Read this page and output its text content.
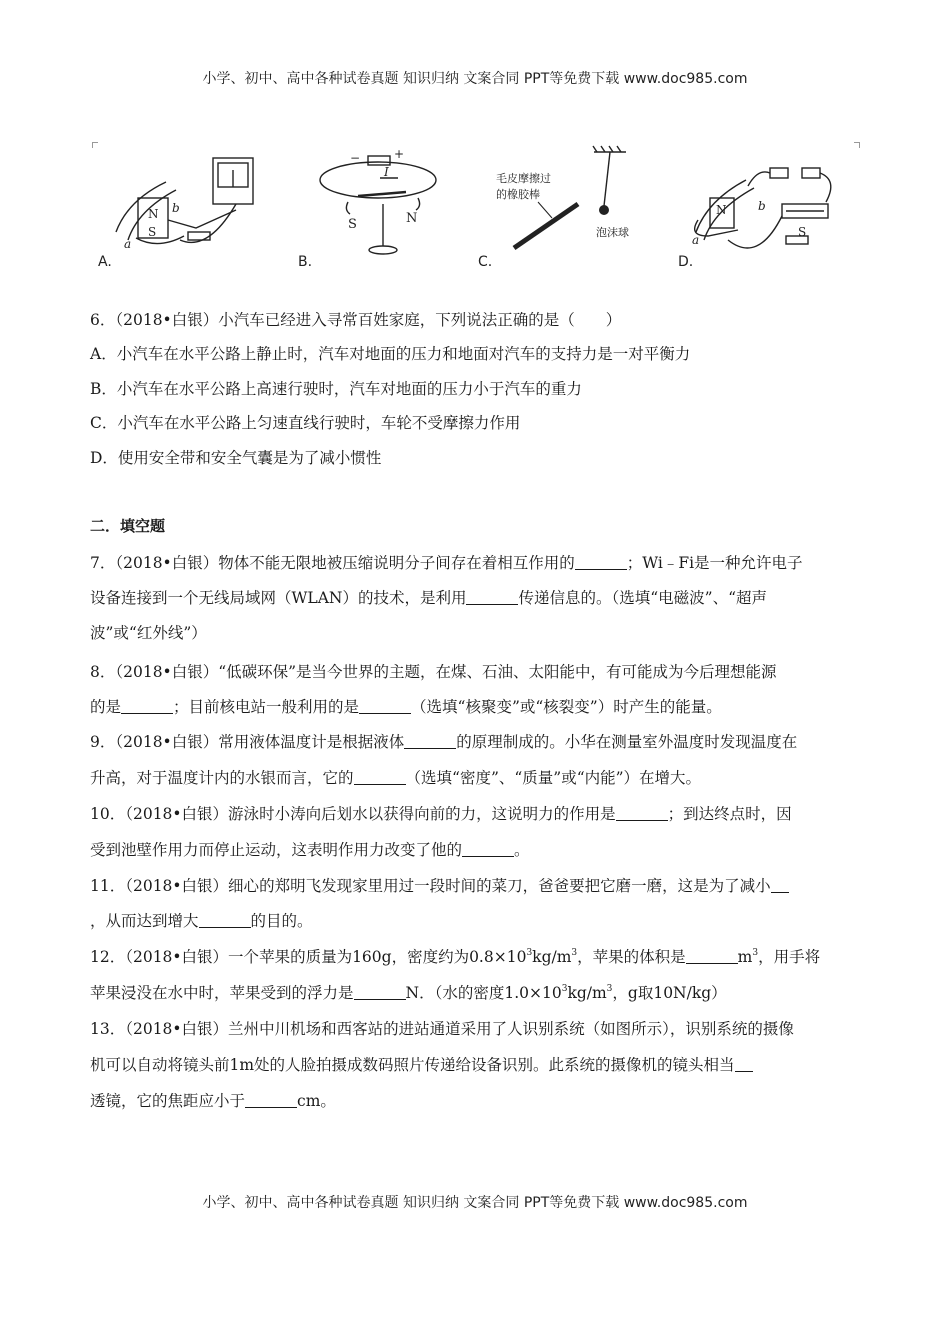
小学、初中、高中各种试卷真题 知识归纳 文案合同 PPT等免费下载 www.doc985.com
N
S
a
b
A.
−	+
I
S	N
B.
毛皮摩擦过
的橡胶棒
泡沫球
C.
N
S
a
b
D.
6．（2018•白银）小汽车已经进入寻常百姓家庭，下列说法正确的是（　　）
A．小汽车在水平公路上静止时，汽车对地面的压力和地面对汽车的支持力是一对平衡力
B．小汽车在水平公路上高速行驶时，汽车对地面的压力小于汽车的重力
C．小汽车在水平公路上匀速直线行驶时，车轮不受摩擦力作用
D．使用安全带和安全气囊是为了减小惯性
二．填空题
7．（2018•白银）物体不能无限地被压缩说明分子间存在着相互作用的	；Wi﹣Fi是一种允许电子
设备连接到一个无线局域网（WLAN）的技术，是利用	传递信息的。（选填“电磁波”、“超声
波”或“红外线”）
8．（2018•白银）“低碳环保”是当今世界的主题，在煤、石油、太阳能中，有可能成为今后理想能源
的是	；目前核电站一般利用的是	（选填“核聚变”或“核裂变”）时产生的能量。
9．（2018•白银）常用液体温度计是根据液体	的原理制成的。小华在测量室外温度时发现温度在
升高，对于温度计内的水银而言，它的	（选填“密度”、“质量”或“内能”）在增大。
10．（2018•白银）游泳时小涛向后划水以获得向前的力，这说明力的作用是	；到达终点时，因
受到池壁作用力而停止运动，这表明作用力改变了他的	。
11．（2018•白银）细心的郑明飞发现家里用过一段时间的菜刀，爸爸要把它磨一磨，这是为了减小
，从而达到增大	的目的。
12．（2018•白银）一个苹果的质量为160g，密度约为$0.8\times 10^3kg/m^3$，苹果的体积是	$m^3$，用手将
苹果浸没在水中时，苹果受到的浮力是	N．（水的密度$1.0\times 10^3kg/m^3$，g取10N/kg）
13．（2018•白银）兰州中川机场和西客站的进站通道采用了人识别系统（如图所示），识别系统的摄像
机可以自动将镜头前1m处的人脸拍摄成数码照片传递给设备识别。此系统的摄像机的镜头相当
透镜，它的焦距应小于	cm。
小学、初中、高中各种试卷真题 知识归纳 文案合同 PPT等免费下载 www.doc985.com
